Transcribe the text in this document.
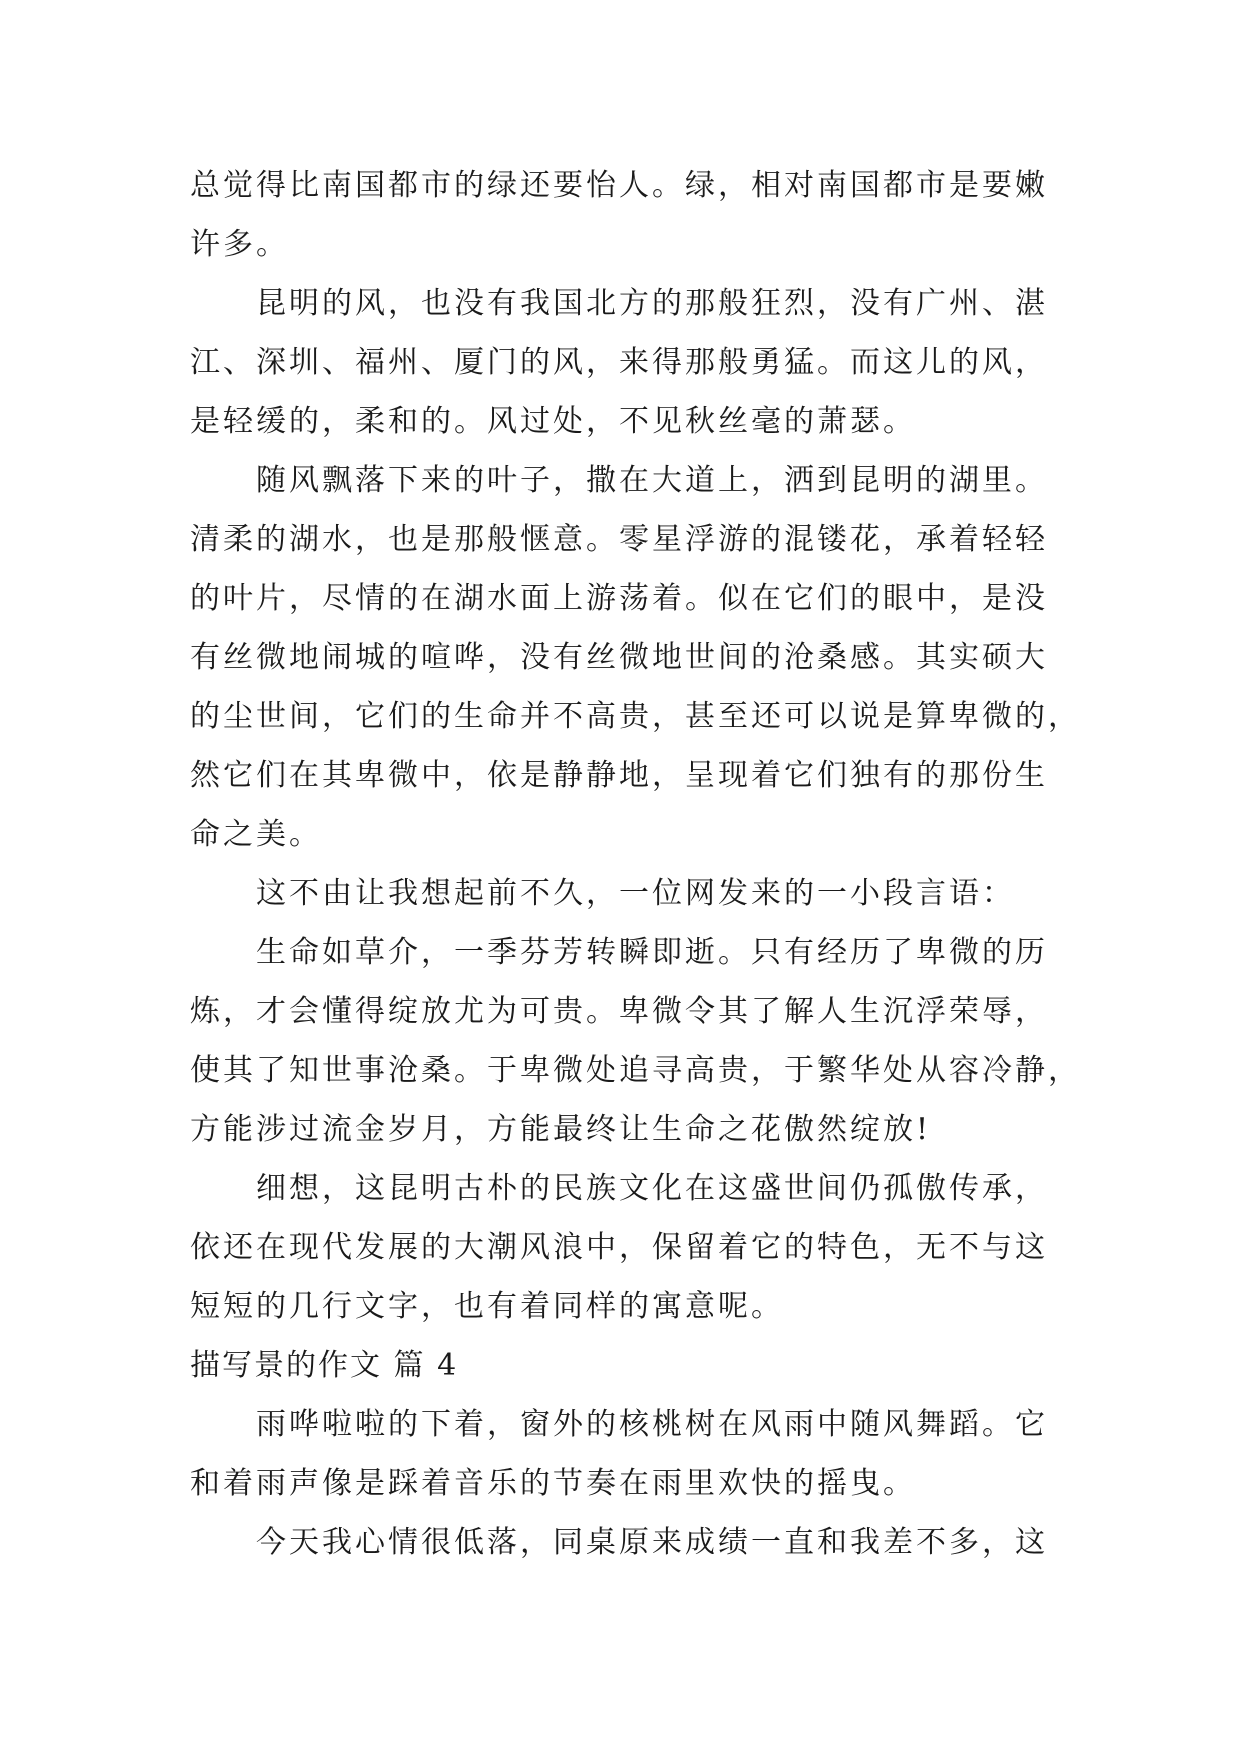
总觉得比南国都市的绿还要怡人。绿，相对南国都市是要嫩
许多。

昆明的风，也没有我国北方的那般狂烈，没有广州、湛
江、深圳、福州、厦门的风，来得那般勇猛。而这儿的风，
是轻缓的，柔和的。风过处，不见秋丝毫的萧瑟。

随风飘落下来的叶子，撒在大道上，洒到昆明的湖里。
清柔的湖水，也是那般惬意。零星浮游的混镂花，承着轻轻
的叶片，尽情的在湖水面上游荡着。似在它们的眼中，是没
有丝微地闹城的喧哗，没有丝微地世间的沧桑感。其实硕大
的尘世间，它们的生命并不高贵，甚至还可以说是算卑微的，
然它们在其卑微中，依是静静地，呈现着它们独有的那份生
命之美。

这不由让我想起前不久，一位网发来的一小段言语：

生命如草介，一季芬芳转瞬即逝。只有经历了卑微的历
炼，才会懂得绽放尤为可贵。卑微令其了解人生沉浮荣辱，
使其了知世事沧桑。于卑微处追寻高贵，于繁华处从容冷静，
方能涉过流金岁月，方能最终让生命之花傲然绽放!

细想，这昆明古朴的民族文化在这盛世间仍孤傲传承，
依还在现代发展的大潮风浪中，保留着它的特色，无不与这
短短的几行文字，也有着同样的寓意呢。

描写景的作文 篇 4

雨哗啦啦的下着，窗外的核桃树在风雨中随风舞蹈。它
和着雨声像是踩着音乐的节奏在雨里欢快的摇曳。

今天我心情很低落，同桌原来成绩一直和我差不多，这
